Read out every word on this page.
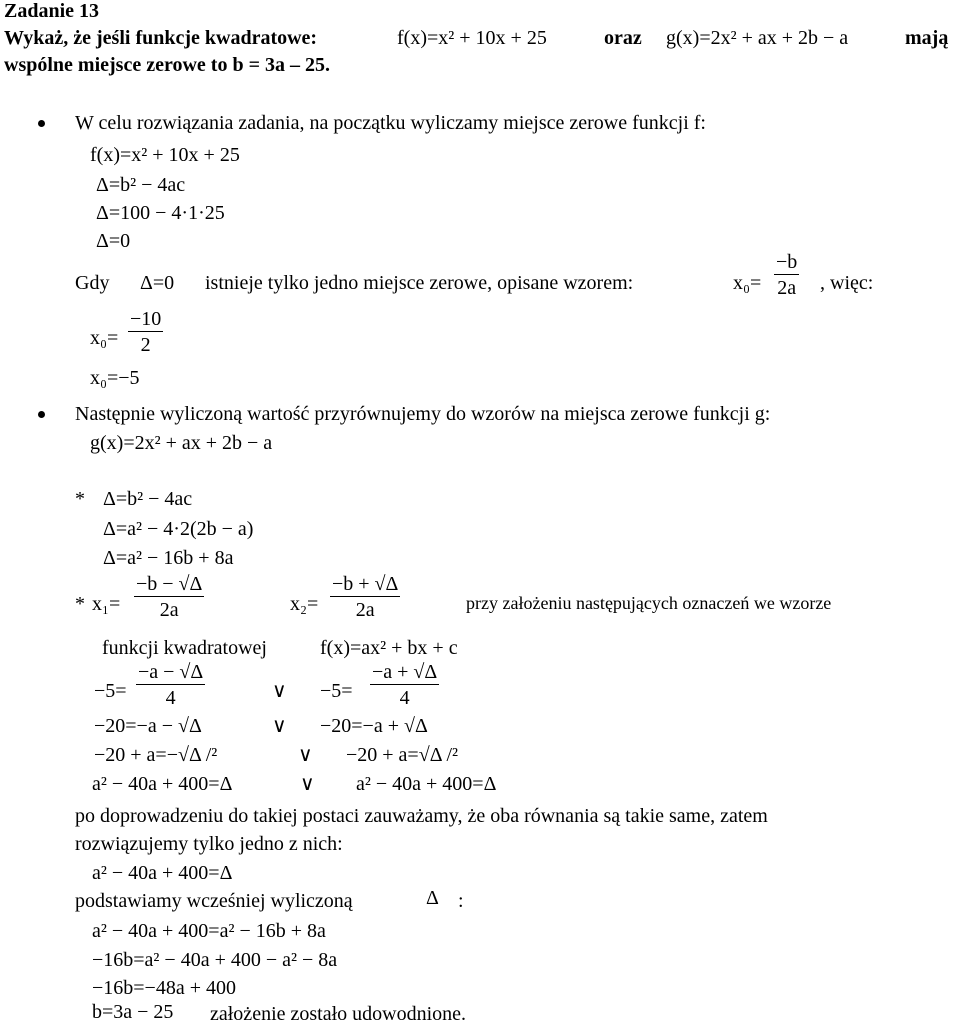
Zadanie 13
Wykaż, że jeśli funkcje kwadratowe:	f(x)=x² + 10x + 25	oraz g(x)=2x² + ax + 2b − a	mają
wspólne miejsce zerowe to b = 3a – 25.
W celu rozwiązania zadania, na początku wyliczamy miejsce zerowe funkcji f:
f(x)=x² + 10x + 25
Δ=b² − 4ac
Δ=100 − 4·1·25
Δ=0
Gdy Δ=0 istnieje tylko jedno miejsce zerowe, opisane wzorem:	$x_0= \frac{-b}{2a}$ , więc:
$x_0= \frac{-10}{2}$
x₀=−5
Następnie wyliczoną wartość przyrównujemy do wzorów na miejsca zerowe funkcji g:
g(x)=2x² + ax + 2b − a
* Δ=b² − 4ac
Δ=a² − 4·2(2b − a)
Δ=a² − 16b + 8a
* $x_1= \frac{-b - √\Delta}{2a}$	$x_2= \frac{-b + √\Delta}{2a}$	przy założeniu następujących oznaczeń we wzorze
funkcji kwadratowej	f(x)=ax² + bx + c
$-5= \frac{-a - √\Delta}{4}$	∨ $-5= \frac{-a + √\Delta}{4}$
−20=−a − √Δ	∨ −20=−a + √Δ
−20 + a=−√Δ /²	∨ −20 + a=√Δ /²
a² − 40a + 400=Δ	∨ a² − 40a + 400=Δ
po doprowadzeniu do takiej postaci zauważamy, że oba równania są takie same, zatem
rozwiązujemy tylko jedno z nich:
a² − 40a + 400=Δ
podstawiamy wcześniej wyliczoną	Δ :
a² − 40a + 400=a² − 16b + 8a
−16b=a² − 40a + 400 − a² − 8a
−16b=−48a + 400
b=3a − 25 założenie zostało udowodnione.
